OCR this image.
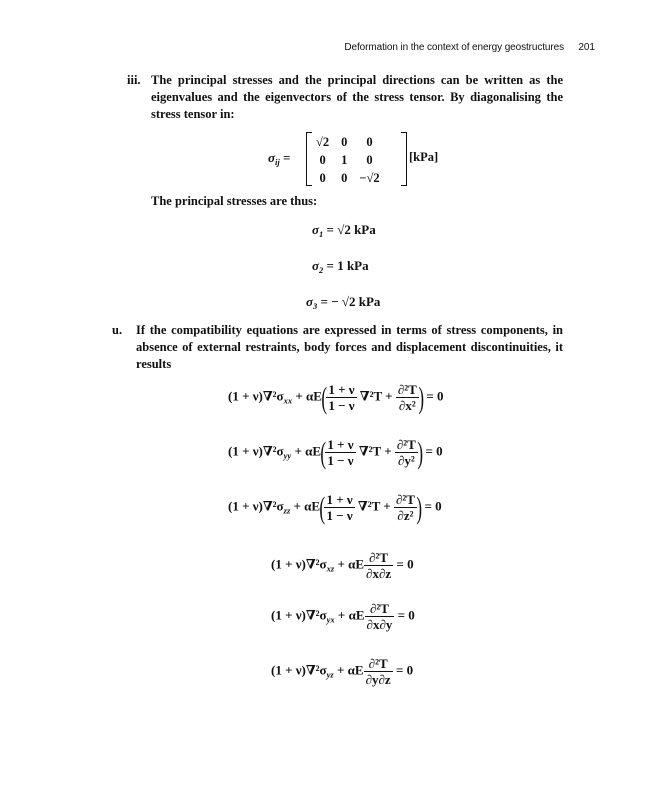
Deformation in the context of energy geostructures 201
iii. The principal stresses and the principal directions can be written as the eigenvalues and the eigenvectors of the stress tensor. By diagonalising the stress tensor in:
$\sigma_{ij}$ =
√2	0	0
0	1	0
0	0	−√2
[kPa]
The principal stresses are thus:
$\sigma_1 = √2$ kPa
$\sigma_2 = 1$ kPa
$\sigma_3$ = − √2 kPa
u. If the compatibility equations are expressed in terms of stress components, in absence of external restraints, body forces and displacement discontinuities, it results
$(1 + \nu)\nabla^2\sigma_{xx} + \alpha E( \frac{1 + \nu}{1 - \nu} \nabla^2T + \frac{\text{∂²T}}{\text{∂x²}}$ ) = 0
$(1 + \nu)\nabla^2\sigma_{yy} + \alpha E( \frac{1 + \nu}{1 - \nu} \nabla^2T + \frac{\text{∂²T}}{\text{∂y²}}$ ) = 0
$(1 + \nu)\nabla^2\sigma_{zz} + \alpha E( \frac{1 + \nu}{1 - \nu} \nabla^2T + \frac{\text{∂²T}}{\text{∂z²}}$ ) = 0
$(1 + \nu)\nabla^2\sigma_{xz} + \alpha E \frac{\text{∂²T}}{\partial x\partial z} = 0$
$(1 + \nu)\nabla^2\sigma_{yx} + \alpha E \frac{\text{∂²T}}{\partial x\partial y} = 0$
$(1 + \nu)\nabla^2\sigma_{yz} + \alpha E \frac{\text{∂²T}}{\partial y\partial z} = 0$
